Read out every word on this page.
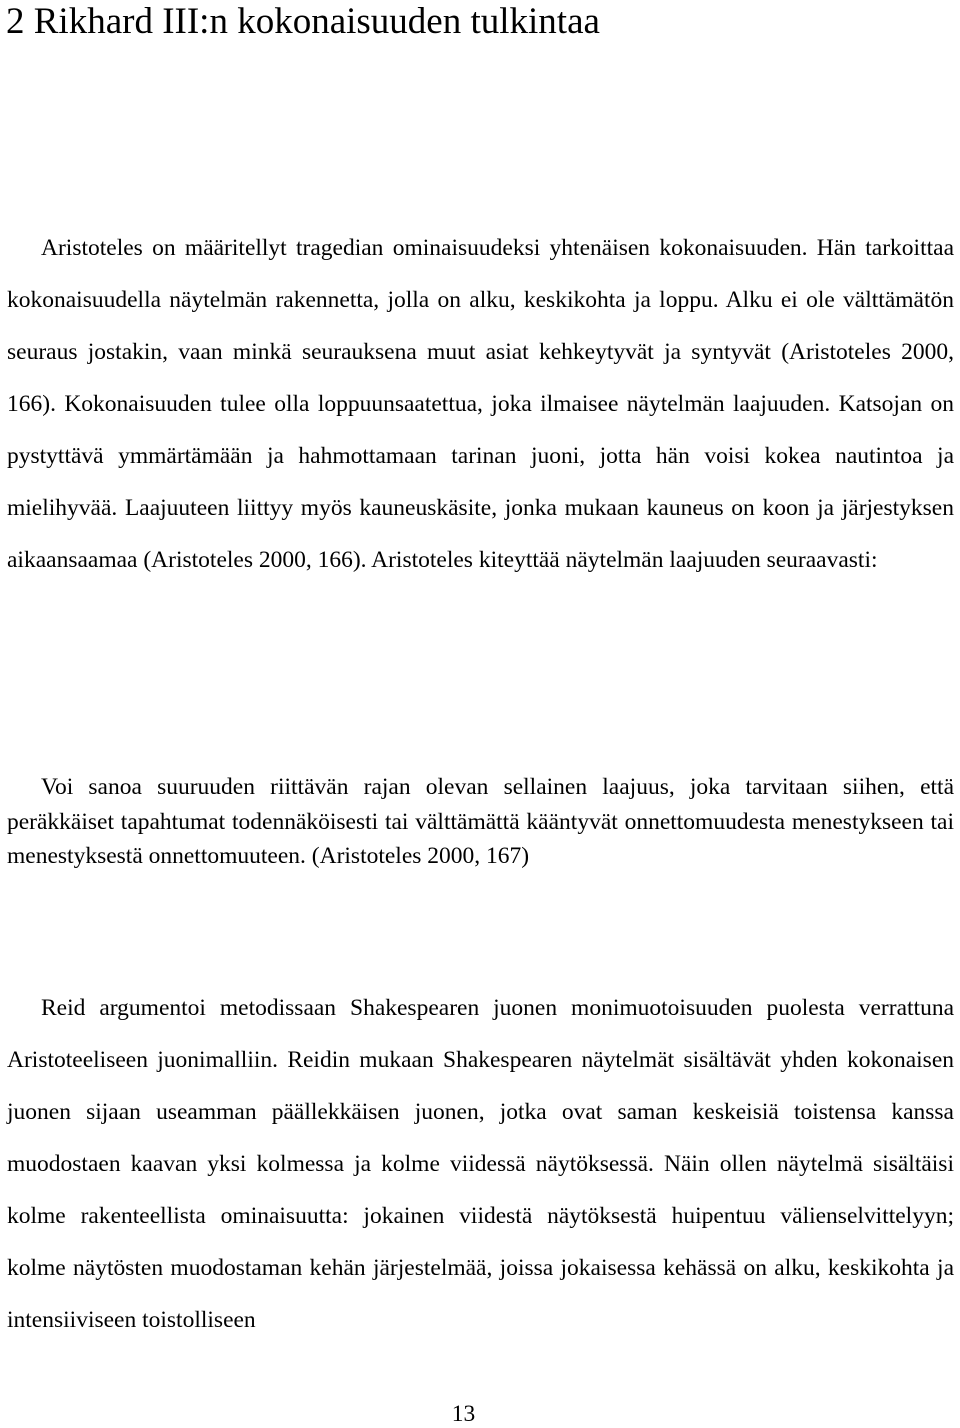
2 Rikhard III:n kokonaisuuden tulkintaa

Aristoteles on määritellyt tragedian ominaisuudeksi yhtenäisen kokonaisuuden. Hän tarkoittaa kokonaisuudella näytelmän rakennetta, jolla on alku, keskikohta ja loppu. Alku ei ole välttämätön seuraus jostakin, vaan minkä seurauksena muut asiat kehkeytyvät ja syntyvät (Aristoteles 2000, 166). Kokonaisuuden tulee olla loppuunsaatettua, joka ilmaisee näytelmän laajuuden. Katsojan on pystyttävä ymmärtämään ja hahmottamaan tarinan juoni, jotta hän voisi kokea nautintoa ja mielihyvää. Laajuuteen liittyy myös kauneuskäsite, jonka mukaan kauneus on koon ja järjestyksen aikaansaamaa (Aristoteles 2000, 166). Aristoteles kiteyttää näytelmän laajuuden seuraavasti:

Voi sanoa suuruuden riittävän rajan olevan sellainen laajuus, joka tarvitaan siihen, että peräkkäiset tapahtumat todennäköisesti tai välttämättä kääntyvät onnettomuudesta menestykseen tai menestyksestä onnettomuuteen. (Aristoteles 2000, 167)

Reid argumentoi metodissaan Shakespearen juonen monimuotoisuuden puolesta verrattuna Aristoteeliseen juonimalliin. Reidin mukaan Shakespearen näytelmät sisältävät yhden kokonaisen juonen sijaan useamman päällekkäisen juonen, jotka ovat saman keskeisiä toistensa kanssa muodostaen kaavan yksi kolmessa ja kolme viidessä näytöksessä. Näin ollen näytelmä sisältäisi kolme rakenteellista ominaisuutta: jokainen viidestä näytöksestä huipentuu välienselvittelyyn; kolme näytösten muodostaman kehän järjestelmää, joissa jokaisessa kehässä on alku, keskikohta ja intensiiviseen toistolliseen

13
